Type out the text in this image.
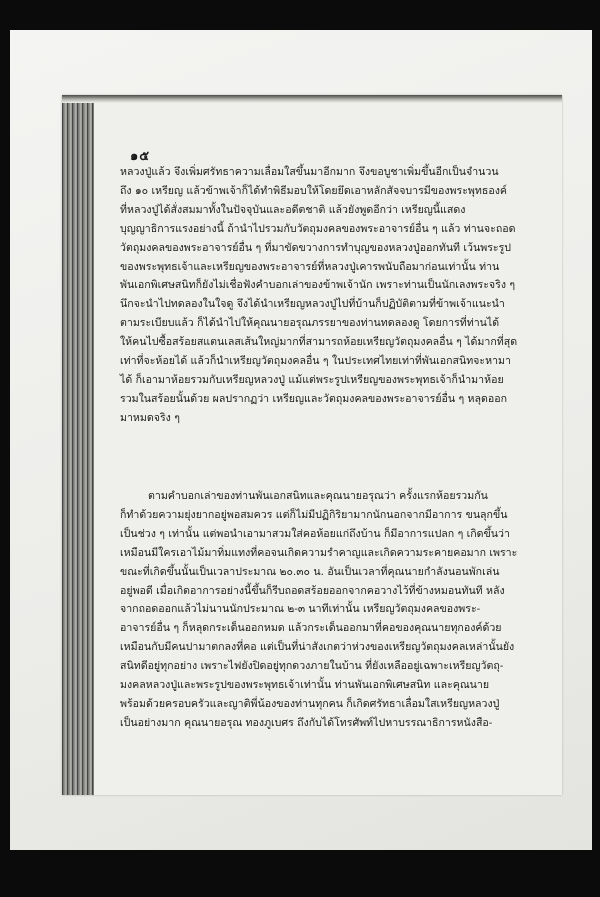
๑๕
หลวงปู่แล้ว จึงเพิ่มศรัทธาความเลื่อมใสขึ้นมาอีกมาก จึงขอบูชาเพิ่มขึ้นอีกเป็นจำนวน
ถึง ๑๐ เหรียญ แล้วข้าพเจ้าก็ได้ทำพิธีมอบให้โดยยึดเอาหลักสัจจบารมีของพระพุทธองค์
ที่หลวงปู่ได้สั่งสมมาทั้งในปัจจุบันและอดีตชาติ แล้วยังพูดอีกว่า เหรียญนี้แสดง
บุญญาธิการแรงอย่างนี้ ถ้านำไปรวมกับวัตถุมงคลของพระอาจารย์อื่น ๆ แล้ว ท่านจะถอด
วัตถุมงคลของพระอาจารย์อื่น ๆ ที่มาขัดขวางการทำบุญของหลวงปู่ออกทันที เว้นพระรูป
ของพระพุทธเจ้าและเหรียญของพระอาจารย์ที่หลวงปู่เคารพนับถือมาก่อนเท่านั้น ท่าน
พันเอกพิเศษสนิทก็ยังไม่เชื่อฟังคำบอกเล่าของข้าพเจ้านัก เพราะท่านเป็นนักเลงพระจริง ๆ
นึกจะนำไปทดลองในใจดู จึงได้นำเหรียญหลวงปู่ไปที่บ้านก็ปฏิบัติตามที่ข้าพเจ้าแนะนำ
ตามระเบียบแล้ว ก็ได้นำไปให้คุณนายอรุณภรรยาของท่านทดลองดู โดยการที่ท่านได้
ให้คนไปซื้อสร้อยสแตนเลสเส้นใหญ่มากที่สามารถห้อยเหรียญวัตถุมงคลอื่น ๆ ได้มากที่สุด
เท่าที่จะห้อยได้ แล้วก็นำเหรียญวัตถุมงคลอื่น ๆ ในประเทศไทยเท่าที่พันเอกสนิทจะหามา
ได้ ก็เอามาห้อยรวมกับเหรียญหลวงปู่ แม้แต่พระรูปเหรียญของพระพุทธเจ้าก็นำมาห้อย
รวมในสร้อยนั้นด้วย ผลปรากฏว่า เหรียญและวัตถุมงคลของพระอาจารย์อื่น ๆ หลุดออก
มาหมดจริง ๆ
ตามคำบอกเล่าของท่านพันเอกสนิทและคุณนายอรุณว่า ครั้งแรกห้อยรวมกัน
ก็ทำด้วยความยุ่งยากอยู่พอสมควร แต่ก็ไม่มีปฏิกิริยามากนักนอกจากมีอาการ ขนลุกขึ้น
เป็นช่วง ๆ เท่านั้น แต่พอนำเอามาสวมใส่คอห้อยแก่ถึงบ้าน ก็มีอาการแปลก ๆ เกิดขึ้นว่า
เหมือนมีใครเอาไม้มาทิ่มแทงที่คอจนเกิดความรำคาญและเกิดความระคายคอมาก เพราะ
ขณะที่เกิดขึ้นนั้นเป็นเวลาประมาณ ๒๐.๓๐ น. อันเป็นเวลาที่คุณนายกำลังนอนพักเล่น
อยู่พอดี เมื่อเกิดอาการอย่างนี้ขึ้นก็รีบถอดสร้อยออกจากคอวางไว้ที่ข้างหมอนทันที หลัง
จากถอดออกแล้วไม่นานนักประมาณ ๒-๓ นาทีเท่านั้น เหรียญวัตถุมงคลของพระ-
อาจารย์อื่น ๆ ก็หลุดกระเด็นออกหมด แล้วกระเด็นออกมาที่คอของคุณนายทุกองค์ด้วย
เหมือนกับมีคนปามาตกลงที่คอ แต่เป็นที่น่าสังเกตว่าห่วงของเหรียญวัตถุมงคลเหล่านั้นยัง
สนิทดีอยู่ทุกอย่าง เพราะไฟยังปิดอยู่ทุกดวงภายในบ้าน ที่ยังเหลืออยู่เฉพาะเหรียญวัตถุ-
มงคลหลวงปู่และพระรูปของพระพุทธเจ้าเท่านั้น ท่านพันเอกพิเศษสนิท และคุณนาย
พร้อมด้วยครอบครัวและญาติพี่น้องของท่านทุกคน ก็เกิดศรัทธาเลื่อมใสเหรียญหลวงปู่
เป็นอย่างมาก คุณนายอรุณ ทองภูเบศร ถึงกับได้โทรศัพท์ไปหาบรรณาธิการหนังสือ-
